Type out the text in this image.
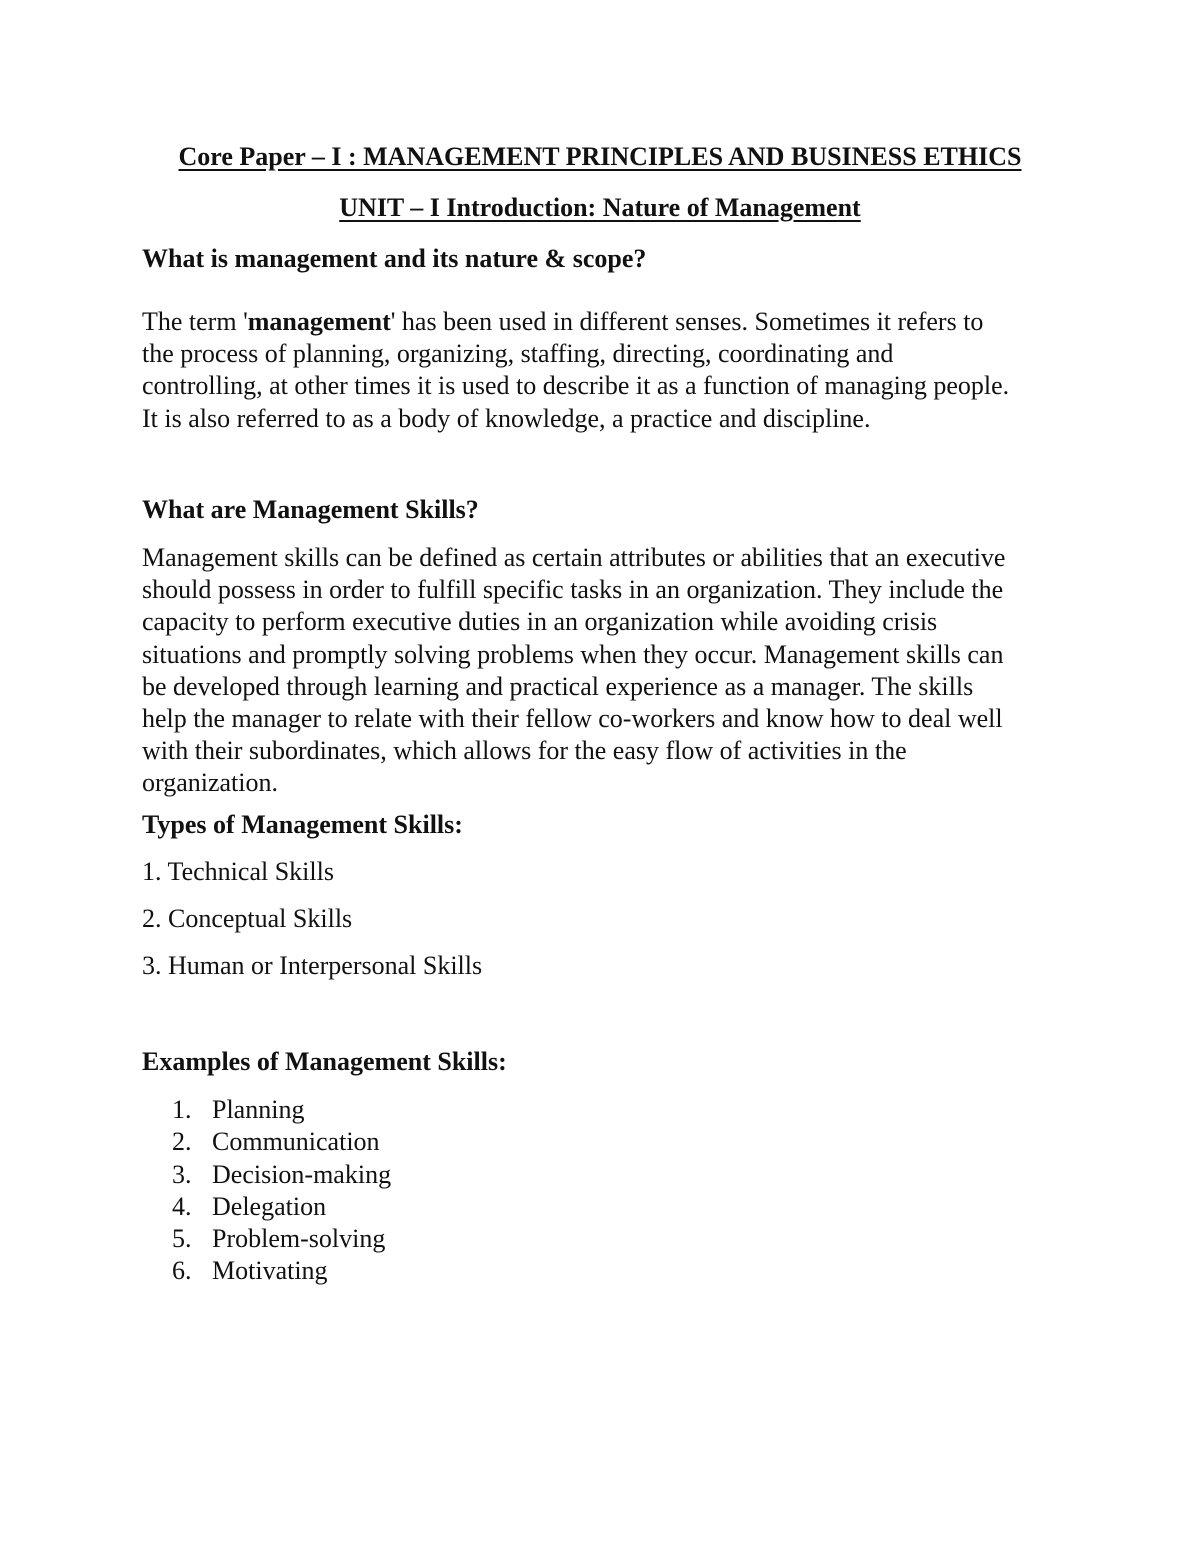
Core Paper – I : MANAGEMENT PRINCIPLES AND BUSINESS ETHICS
UNIT – I Introduction: Nature of Management
What is management and its nature & scope?

The term 'management' has been used in different senses. Sometimes it refers to
the process of planning, organizing, staffing, directing, coordinating and
controlling, at other times it is used to describe it as a function of managing people.
It is also referred to as a body of knowledge, a practice and discipline.

What are Management Skills?

Management skills can be defined as certain attributes or abilities that an executive
should possess in order to fulfill specific tasks in an organization. They include the
capacity to perform executive duties in an organization while avoiding crisis
situations and promptly solving problems when they occur. Management skills can
be developed through learning and practical experience as a manager. The skills
help the manager to relate with their fellow co-workers and know how to deal well
with their subordinates, which allows for the easy flow of activities in the
organization.

Types of Management Skills:

1. Technical Skills

2. Conceptual Skills

3. Human or Interpersonal Skills

Examples of Management Skills:
1. Planning
2. Communication
3. Decision-making
4. Delegation
5. Problem-solving
6. Motivating
